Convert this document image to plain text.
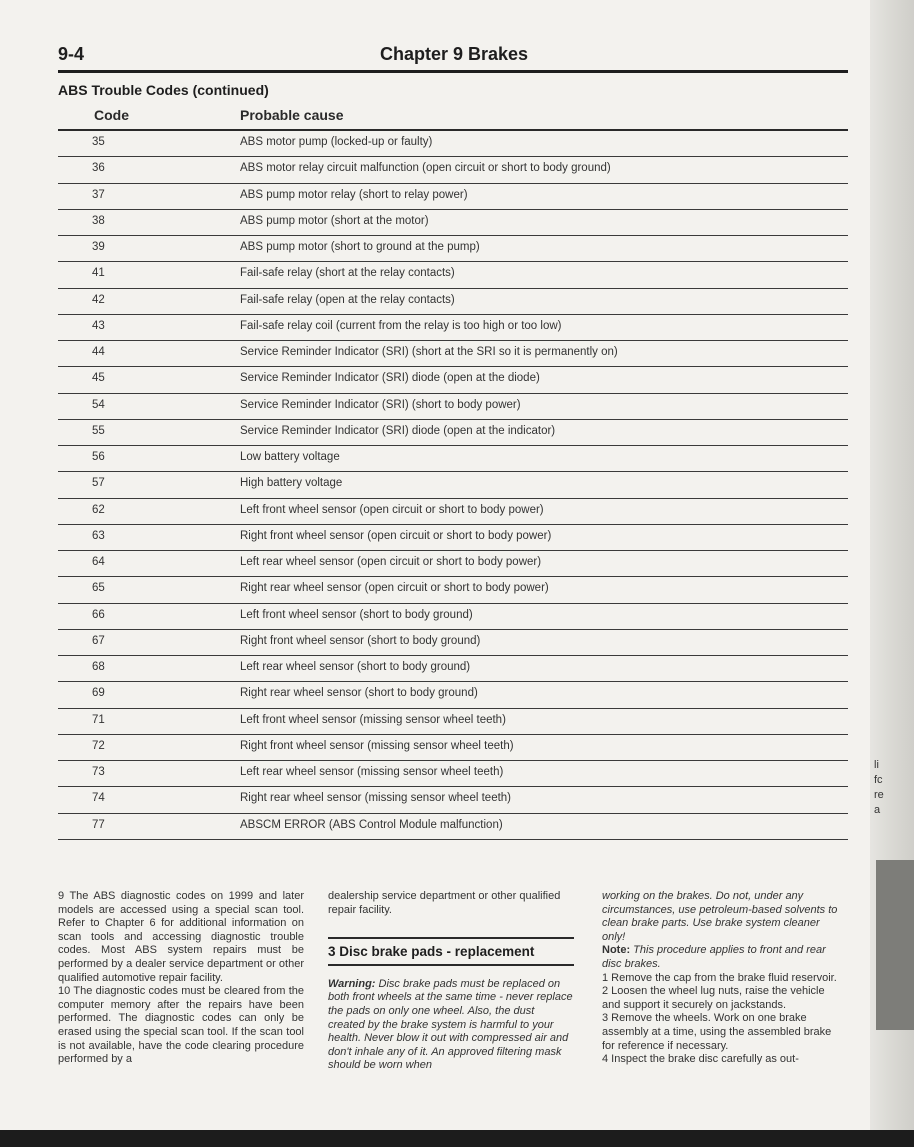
9-4	Chapter 9 Brakes
ABS Trouble Codes (continued)
Code	Probable cause
35	ABS motor pump (locked-up or faulty)
36	ABS motor relay circuit malfunction (open circuit or short to body ground)
37	ABS pump motor relay (short to relay power)
38	ABS pump motor (short at the motor)
39	ABS pump motor (short to ground at the pump)
41	Fail-safe relay (short at the relay contacts)
42	Fail-safe relay (open at the relay contacts)
43	Fail-safe relay coil (current from the relay is too high or too low)
44	Service Reminder Indicator (SRI) (short at the SRI so it is permanently on)
45	Service Reminder Indicator (SRI) diode (open at the diode)
54	Service Reminder Indicator (SRI) (short to body power)
55	Service Reminder Indicator (SRI) diode (open at the indicator)
56	Low battery voltage
57	High battery voltage
62	Left front wheel sensor (open circuit or short to body power)
63	Right front wheel sensor (open circuit or short to body power)
64	Left rear wheel sensor (open circuit or short to body power)
65	Right rear wheel sensor (open circuit or short to body power)
66	Left front wheel sensor (short to body ground)
67	Right front wheel sensor (short to body ground)
68	Left rear wheel sensor (short to body ground)
69	Right rear wheel sensor (short to body ground)
71	Left front wheel sensor (missing sensor wheel teeth)
72	Right front wheel sensor (missing sensor wheel teeth)
73	Left rear wheel sensor (missing sensor wheel teeth)
74	Right rear wheel sensor (missing sensor wheel teeth)
77	ABSCM ERROR (ABS Control Module malfunction)

9 The ABS diagnostic codes on 1999 and later models are accessed using a special scan tool. Refer to Chapter 6 for additional information on scan tools and accessing diagnostic trouble codes. Most ABS system repairs must be performed by a dealer service department or other qualified automotive repair facility.

10 The diagnostic codes must be cleared from the computer memory after the repairs have been performed. The diagnostic codes can only be erased using the special scan tool. If the scan tool is not available, have the code clearing procedure performed by a

dealership service department or other qualified repair facility.

3 Disc brake pads - replacement

Warning: Disc brake pads must be replaced on both front wheels at the same time - never replace the pads on only one wheel. Also, the dust created by the brake system is harmful to your health. Never blow it out with compressed air and don't inhale any of it. An approved filtering mask should be worn when

working on the brakes. Do not, under any circumstances, use petroleum-based solvents to clean brake parts. Use brake system cleaner only!

Note: This procedure applies to front and rear disc brakes.

1 Remove the cap from the brake fluid reservoir.

2 Loosen the wheel lug nuts, raise the vehicle and support it securely on jackstands.

3 Remove the wheels. Work on one brake assembly at a time, using the assembled brake for reference if necessary.

4 Inspect the brake disc carefully as out-

li
fc
re
a
